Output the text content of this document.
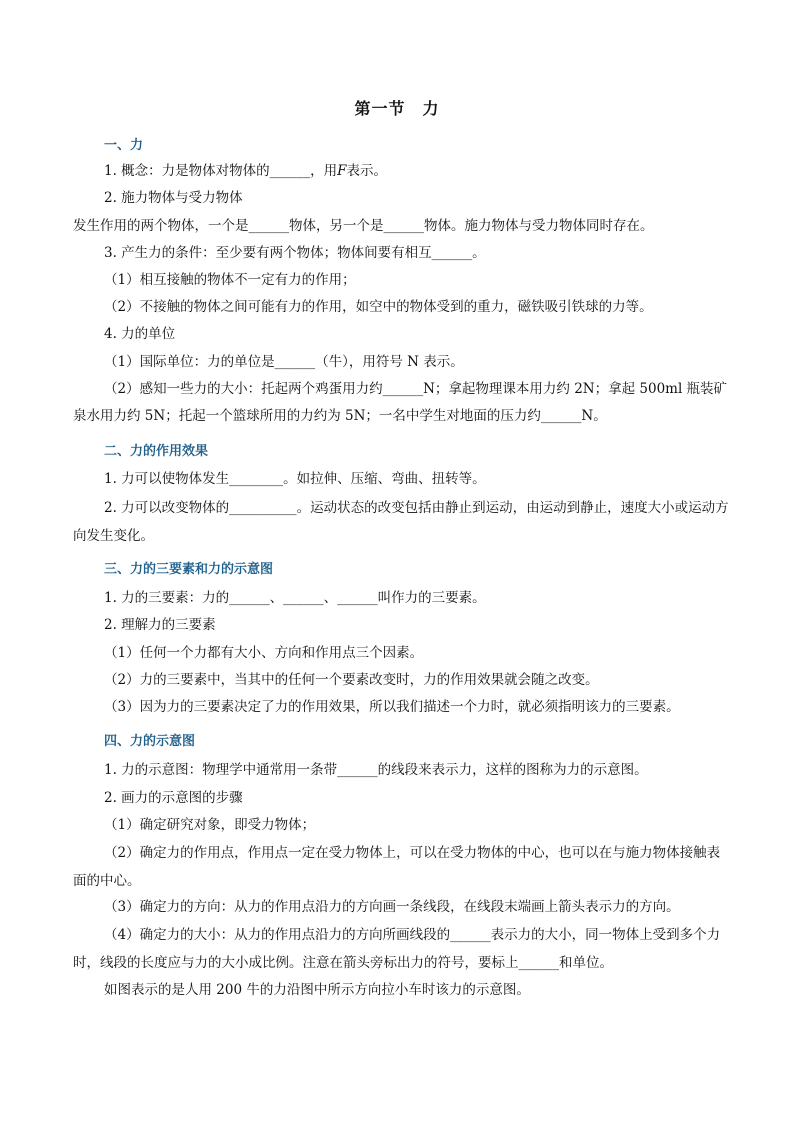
第一节　力
一、力
1. 概念：力是物体对物体的______，用F表示。
2. 施力物体与受力物体
发生作用的两个物体，一个是______物体，另一个是______物体。施力物体与受力物体同时存在。
3. 产生力的条件：至少要有两个物体；物体间要有相互______。
（1）相互接触的物体不一定有力的作用；
（2）不接触的物体之间可能有力的作用，如空中的物体受到的重力，磁铁吸引铁球的力等。
4. 力的单位
（1）国际单位：力的单位是______（牛），用符号 N 表示。
（2）感知一些力的大小：托起两个鸡蛋用力约______N；拿起物理课本用力约 2N；拿起 500ml 瓶装矿泉水用力约 5N；托起一个篮球所用的力约为 5N；一名中学生对地面的压力约______N。
二、力的作用效果
1. 力可以使物体发生________。如拉伸、压缩、弯曲、扭转等。
2. 力可以改变物体的__________。运动状态的改变包括由静止到运动，由运动到静止，速度大小或运动方向发生变化。
三、力的三要素和力的示意图
1. 力的三要素：力的______、______、______叫作力的三要素。
2. 理解力的三要素
（1）任何一个力都有大小、方向和作用点三个因素。
（2）力的三要素中，当其中的任何一个要素改变时，力的作用效果就会随之改变。
（3）因为力的三要素决定了力的作用效果，所以我们描述一个力时，就必须指明该力的三要素。
四、力的示意图
1. 力的示意图：物理学中通常用一条带______的线段来表示力，这样的图称为力的示意图。
2. 画力的示意图的步骤
（1）确定研究对象，即受力物体；
（2）确定力的作用点，作用点一定在受力物体上，可以在受力物体的中心，也可以在与施力物体接触表面的中心。
（3）确定力的方向：从力的作用点沿力的方向画一条线段，在线段末端画上箭头表示力的方向。
（4）确定力的大小：从力的作用点沿力的方向所画线段的______表示力的大小，同一物体上受到多个力时，线段的长度应与力的大小成比例。注意在箭头旁标出力的符号，要标上______和单位。
如图表示的是人用 200 牛的力沿图中所示方向拉小车时该力的示意图。
